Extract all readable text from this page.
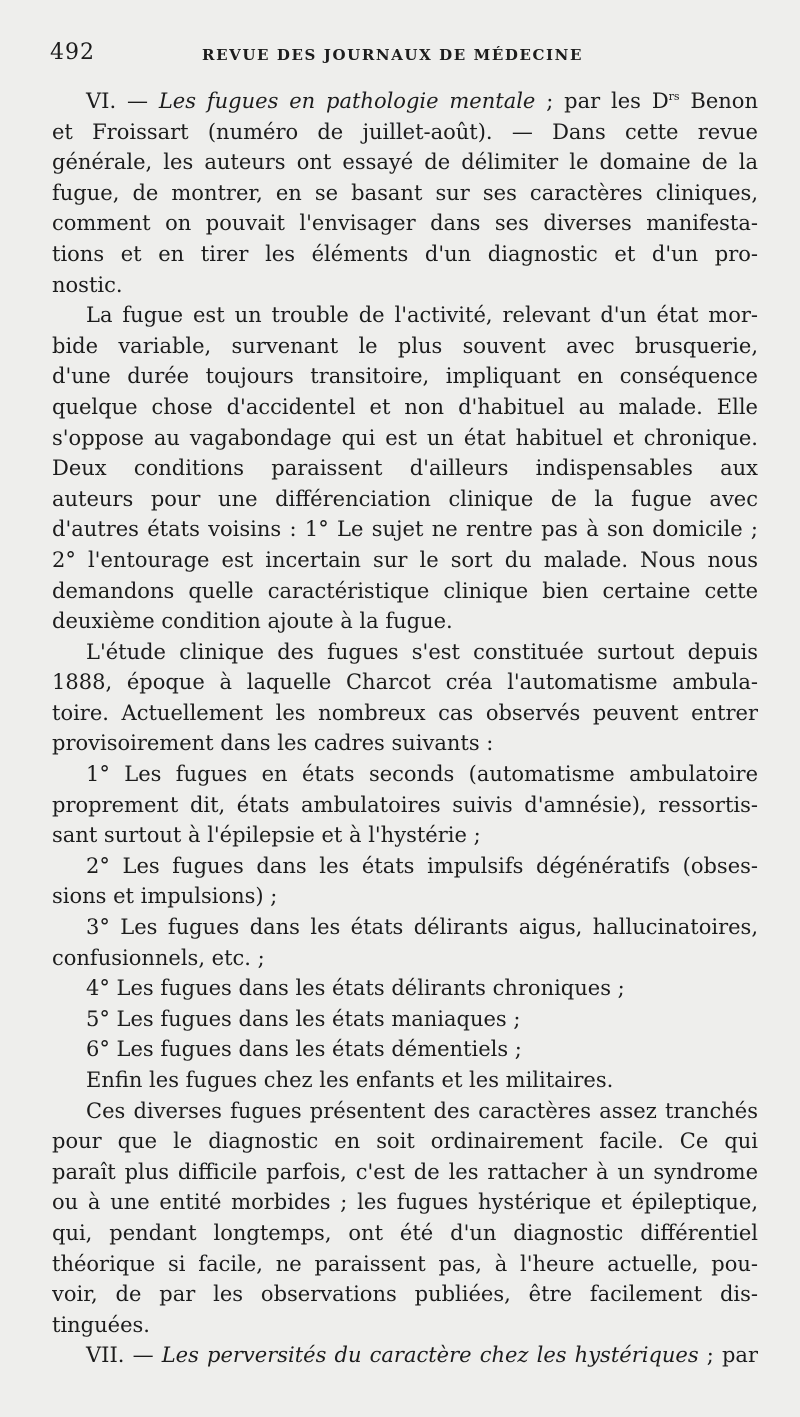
492	REVUE DES JOURNAUX DE MÉDECINE
VI. — Les fugues en pathologie mentale ; par les $D^{rs}$ Benon
et Froissart (numéro de juillet-août). — Dans cette revue
générale, les auteurs ont essayé de délimiter le domaine de la
fugue, de montrer, en se basant sur ses caractères cliniques,
comment on pouvait l'envisager dans ses diverses manifesta-
tions et en tirer les éléments d'un diagnostic et d'un pro-
nostic.
La fugue est un trouble de l'activité, relevant d'un état mor-
bide variable, survenant le plus souvent avec brusquerie,
d'une durée toujours transitoire, impliquant en conséquence
quelque chose d'accidentel et non d'habituel au malade. Elle
s'oppose au vagabondage qui est un état habituel et chronique.
Deux conditions paraissent d'ailleurs indispensables aux
auteurs pour une différenciation clinique de la fugue avec
d'autres états voisins : 1° Le sujet ne rentre pas à son domicile ;
2° l'entourage est incertain sur le sort du malade. Nous nous
demandons quelle caractéristique clinique bien certaine cette
deuxième condition ajoute à la fugue.
L'étude clinique des fugues s'est constituée surtout depuis
1888, époque à laquelle Charcot créa l'automatisme ambula-
toire. Actuellement les nombreux cas observés peuvent entrer
provisoirement dans les cadres suivants :
1° Les fugues en états seconds (automatisme ambulatoire
proprement dit, états ambulatoires suivis d'amnésie), ressortis-
sant surtout à l'épilepsie et à l'hystérie ;
2° Les fugues dans les états impulsifs dégénératifs (obses-
sions et impulsions) ;
3° Les fugues dans les états délirants aigus, hallucinatoires,
confusionnels, etc. ;
4° Les fugues dans les états délirants chroniques ;
5° Les fugues dans les états maniaques ;
6° Les fugues dans les états démentiels ;
Enfin les fugues chez les enfants et les militaires.
Ces diverses fugues présentent des caractères assez tranchés
pour que le diagnostic en soit ordinairement facile. Ce qui
paraît plus difficile parfois, c'est de les rattacher à un syndrome
ou à une entité morbides ; les fugues hystérique et épileptique,
qui, pendant longtemps, ont été d'un diagnostic différentiel
théorique si facile, ne paraissent pas, à l'heure actuelle, pou-
voir, de par les observations publiées, être facilement dis-
tinguées.
VII. — Les perversités du caractère chez les hystériques ; par
